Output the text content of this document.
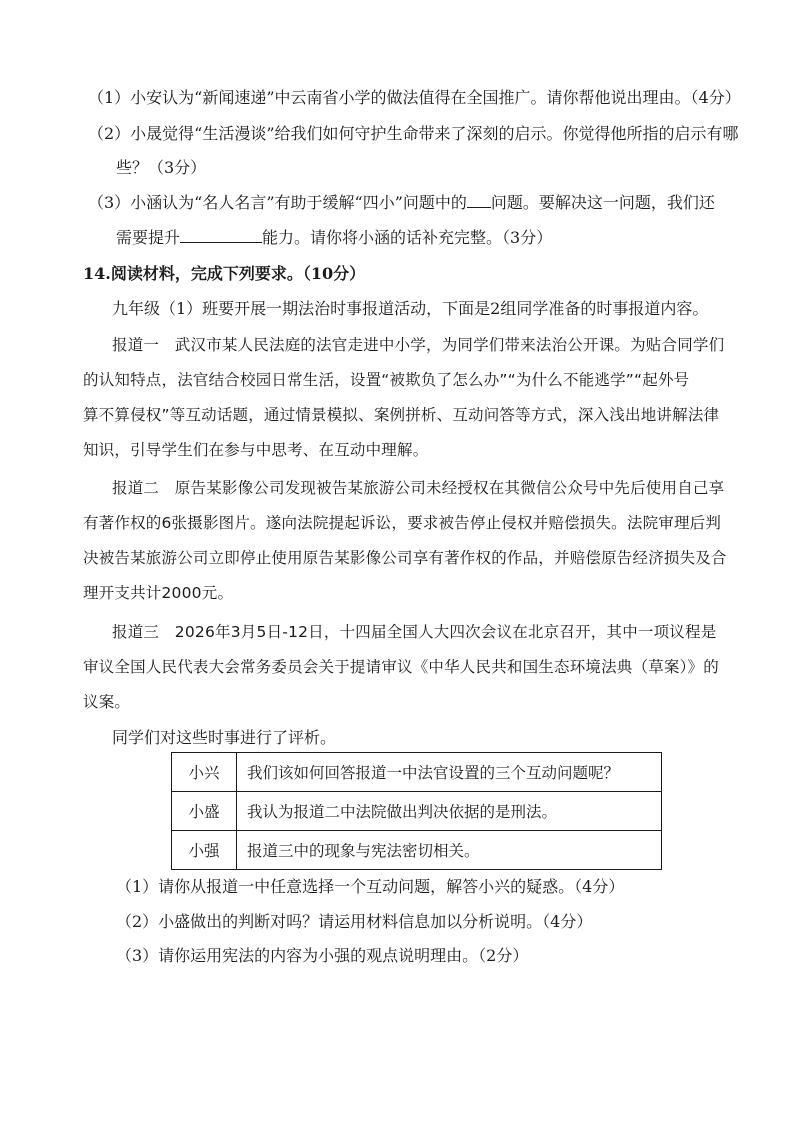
（1）小安认为“新闻速递”中云南省小学的做法值得在全国推广。请你帮他说出理由。（4分）
（2）小晟觉得“生活漫谈”给我们如何守护生命带来了深刻的启示。你觉得他所指的启示有哪
些？（3分）
（3）小涵认为“名人名言”有助于缓解“四小”问题中的 问题。要解决这一问题，我们还
需要提升	能力。请你将小涵的话补充完整。（3分）
14.阅读材料，完成下列要求。（10分）
九年级（1）班要开展一期法治时事报道活动，下面是2组同学准备的时事报道内容。
报道一　武汉市某人民法庭的法官走进中小学，为同学们带来法治公开课。为贴合同学们
的认知特点，法官结合校园日常生活，设置“被欺负了怎么办”“为什么不能逃学”“起外号
算不算侵权”等互动话题，通过情景模拟、案例拼析、互动问答等方式，深入浅出地讲解法律
知识，引导学生们在参与中思考、在互动中理解。
报道二　原告某影像公司发现被告某旅游公司未经授权在其微信公众号中先后使用自己享
有著作权的6张摄影图片。遂向法院提起诉讼，要求被告停止侵权并赔偿损失。法院审理后判
决被告某旅游公司立即停止使用原告某影像公司享有著作权的作品，并赔偿原告经济损失及合
理开支共计2000元。
报道三　2026年3月5日-12日，十四届全国人大四次会议在北京召开，其中一项议程是
审议全国人民代表大会常务委员会关于提请审议《中华人民共和国生态环境法典（草案）》的
议案。
同学们对这些时事进行了评析。
小兴	我们该如何回答报道一中法官设置的三个互动问题呢？
小盛	我认为报道二中法院做出判决依据的是刑法。
小强	报道三中的现象与宪法密切相关。
（1）请你从报道一中任意选择一个互动问题，解答小兴的疑惑。（4分）
（2）小盛做出的判断对吗？请运用材料信息加以分析说明。（4分）
（3）请你运用宪法的内容为小强的观点说明理由。（2分）
